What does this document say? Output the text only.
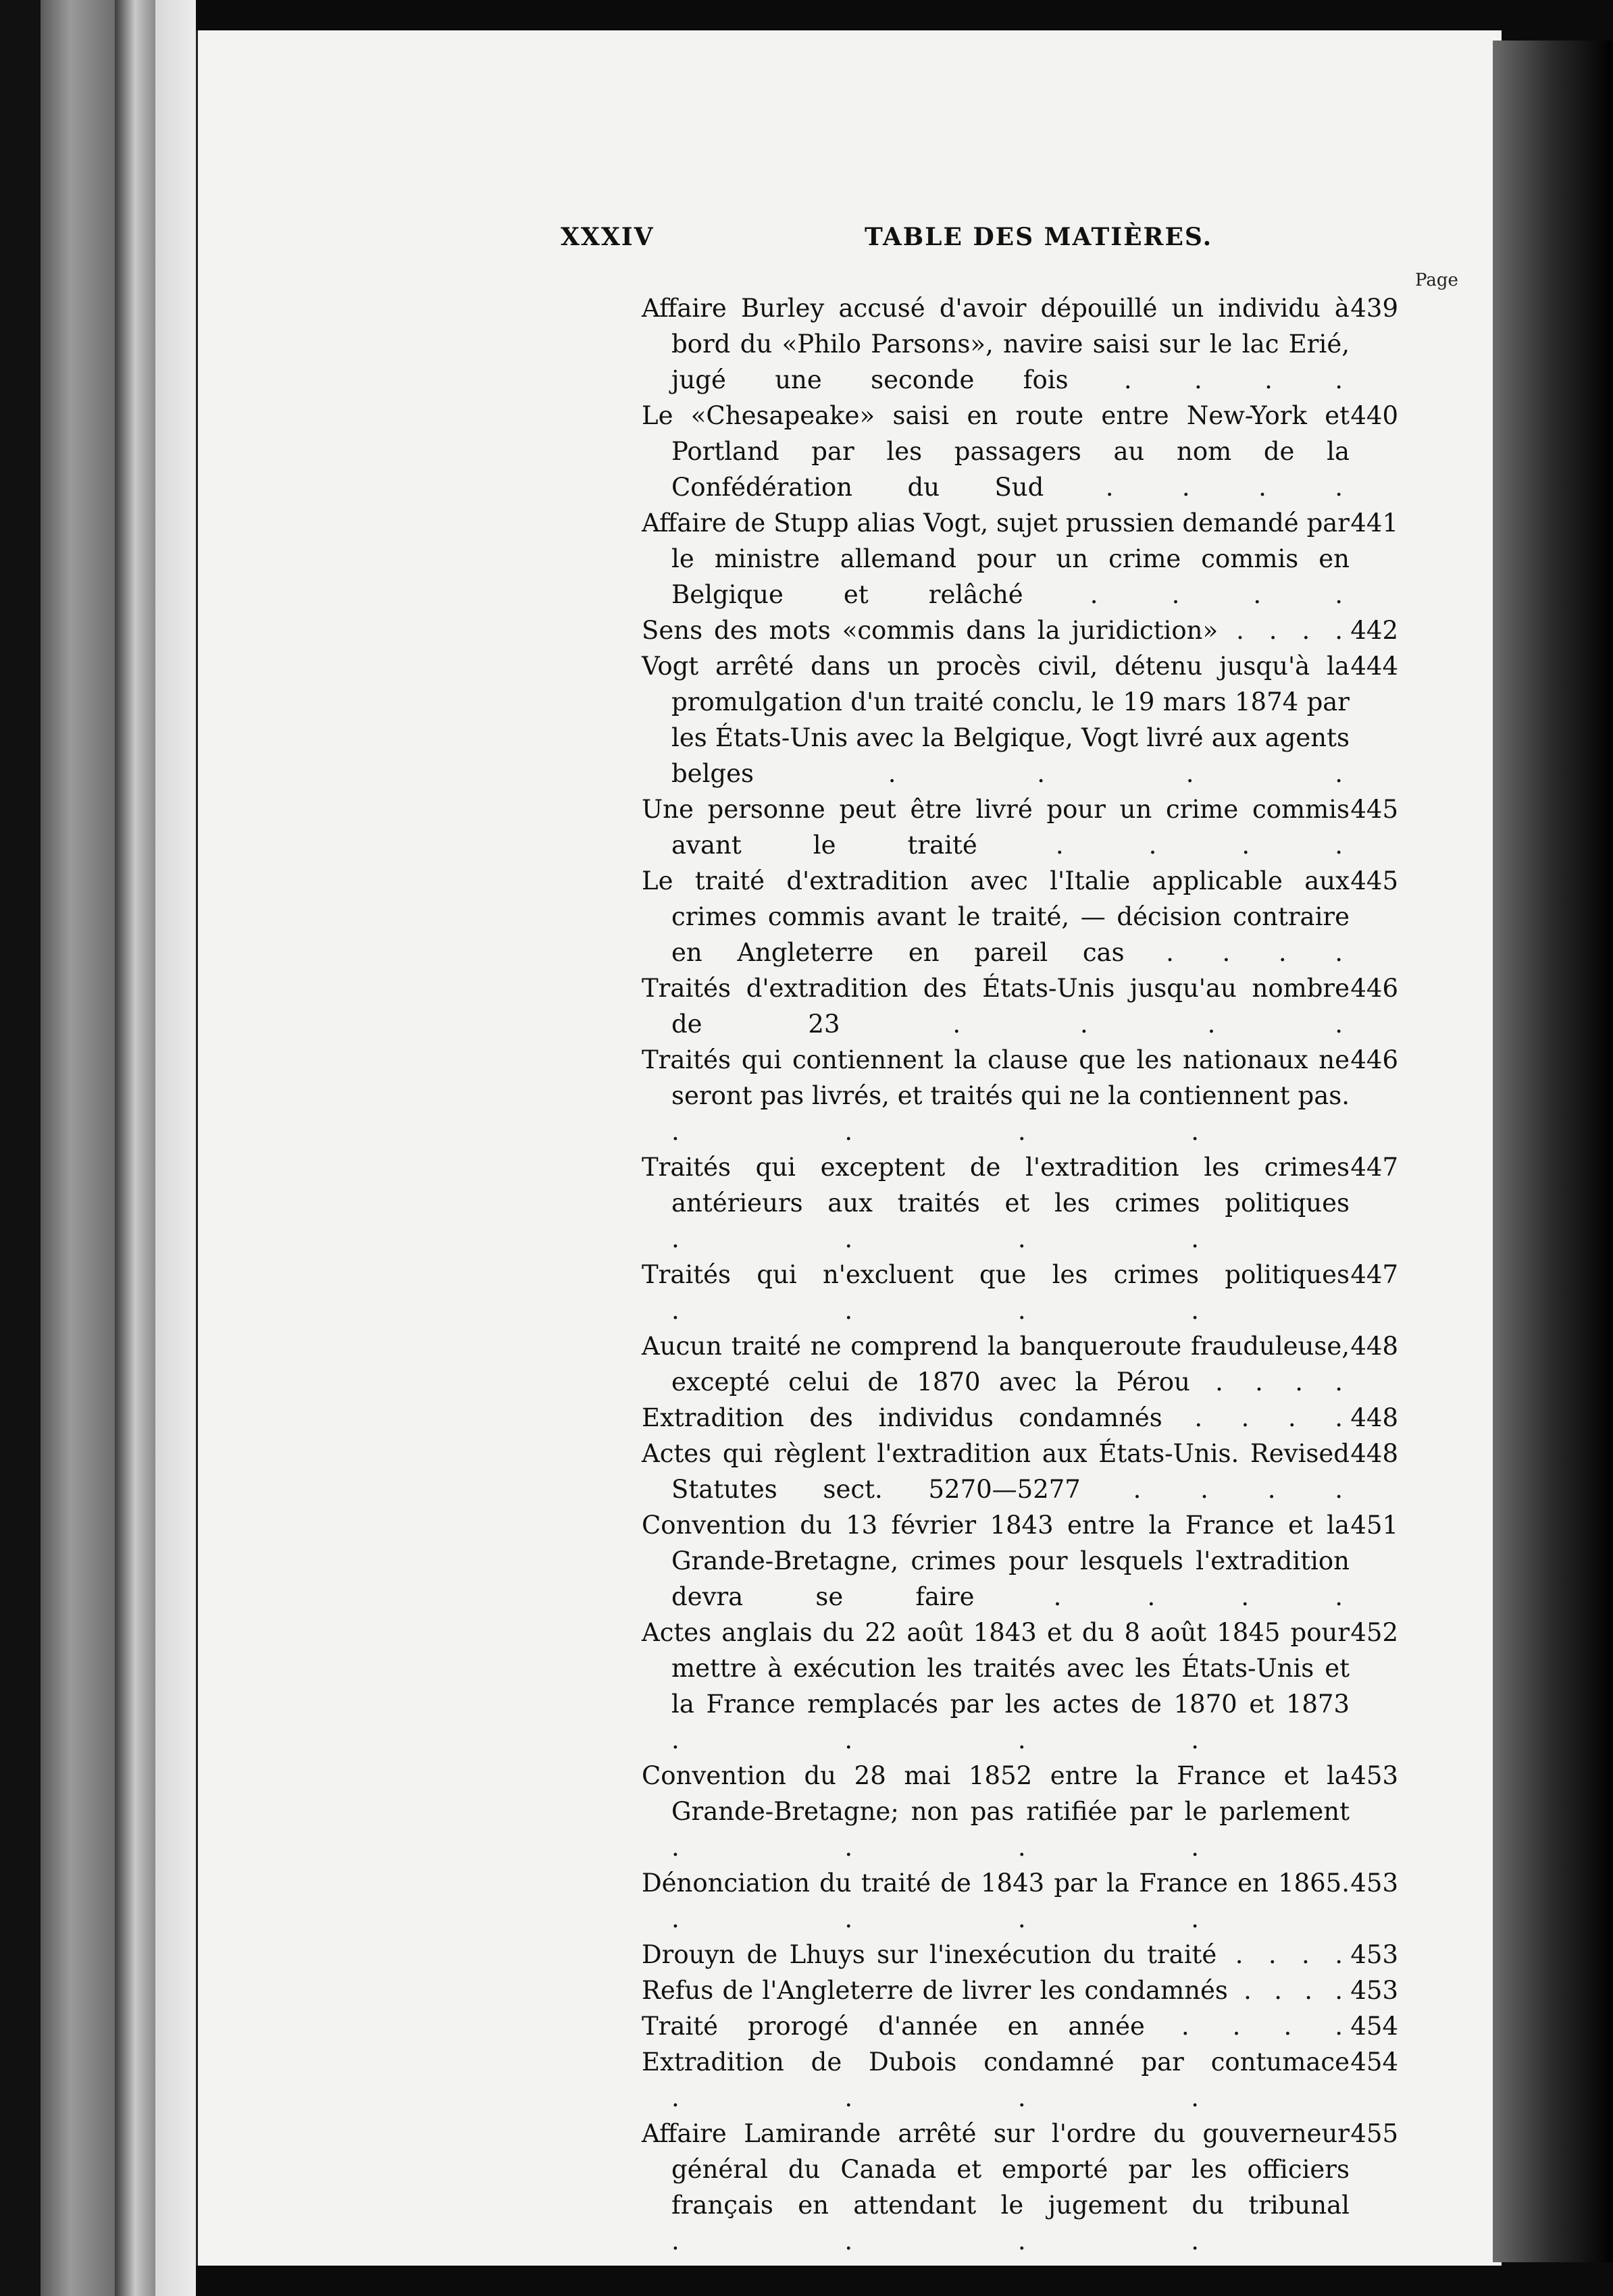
XXXIV	TABLE DES MATIÈRES.
Page
Affaire Burley accusé d'avoir dépouillé un individu à bord du «Philo Parsons», navire saisi sur le lac Erié, jugé une seconde fois . . . .
439
Le «Chesapeake» saisi en route entre New-York et Portland par les passagers au nom de la Confédération du Sud . . . .
440
Affaire de Stupp alias Vogt, sujet prussien demandé par le ministre allemand pour un crime commis en Belgique et relâché . . . .
441
Sens des mots «commis dans la juridiction» . . . . 442
Vogt arrêté dans un procès civil, détenu jusqu'à la promulgation d'un traité conclu, le 19 mars 1874 par les États-Unis avec la Belgique, Vogt livré aux agents belges . . . .
444
Une personne peut être livré pour un crime commis avant le traité . . . .
445
Le traité d'extradition avec l'Italie applicable aux crimes commis avant le traité, — décision contraire en Angleterre en pareil cas . . . .
445
Traités d'extradition des États-Unis jusqu'au nombre de 23 . . . .
446
Traités qui contiennent la clause que les nationaux ne seront pas livrés, et traités qui ne la contiennent pas. . . . .
446
Traités qui exceptent de l'extradition les crimes antérieurs aux traités et les crimes politiques . . . .
447
Traités qui n'excluent que les crimes politiques . . . .
447
Aucun traité ne comprend la banqueroute frauduleuse, excepté celui de 1870 avec la Pérou . . . .
448
Extradition des individus condamnés . . . . 448
Actes qui règlent l'extradition aux États-Unis. Revised Statutes sect. 5270—5277 . . . .
448
Convention du 13 février 1843 entre la France et la Grande-Bretagne, crimes pour lesquels l'extradition devra se faire . . . .
451
Actes anglais du 22 août 1843 et du 8 août 1845 pour mettre à exécution les traités avec les États-Unis et la France remplacés par les actes de 1870 et 1873 . . . .
452
Convention du 28 mai 1852 entre la France et la Grande-Bretagne; non pas ratifiée par le parlement . . . .
453
Dénonciation du traité de 1843 par la France en 1865. . . . .
453
Drouyn de Lhuys sur l'inexécution du traité . . . . 453
Refus de l'Angleterre de livrer les condamnés . . . . 453
Traité prorogé d'année en année . . . . 454
Extradition de Dubois condamné par contumace . . . .
454
Affaire Lamirande arrêté sur l'ordre du gouverneur général du Canada et emporté par les officiers français en attendant le jugement du tribunal . . . .
455
